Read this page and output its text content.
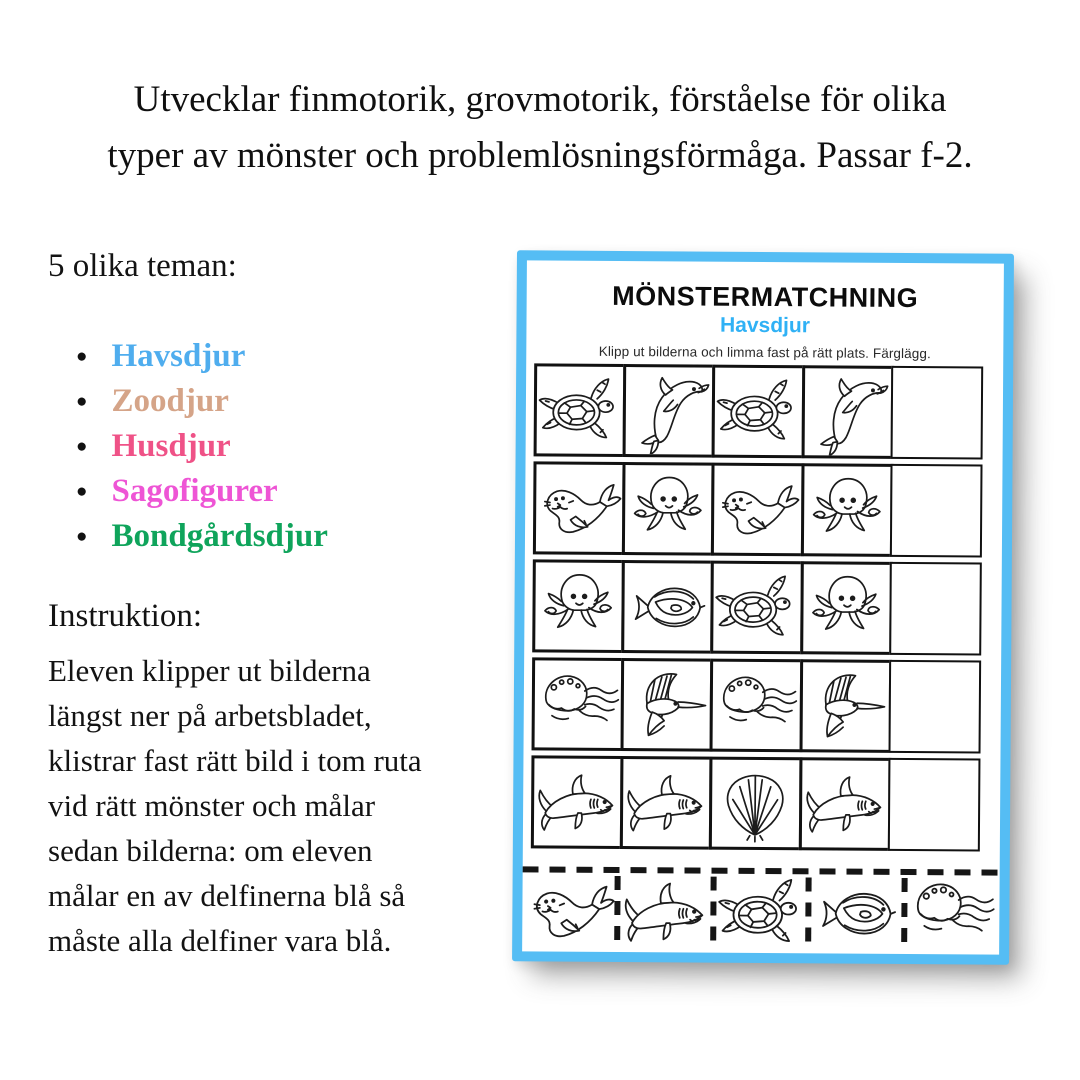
Utvecklar finmotorik, grovmotorik, förståelse för olika
typer av mönster och problemlösningsförmåga. Passar f-2.
5 olika teman:
● Havsdjur
● Zoodjur
● Husdjur
● Sagofigurer
● Bondgårdsdjur
Instruktion:
Eleven klipper ut bilderna
längst ner på arbetsbladet,
klistrar fast rätt bild i tom ruta
vid rätt mönster och målar
sedan bilderna: om eleven
målar en av delfinerna blå så
måste alla delfiner vara blå.
MÖNSTERMATCHNING
Havsdjur
Klipp ut bilderna och limma fast på rätt plats. Färglägg.
